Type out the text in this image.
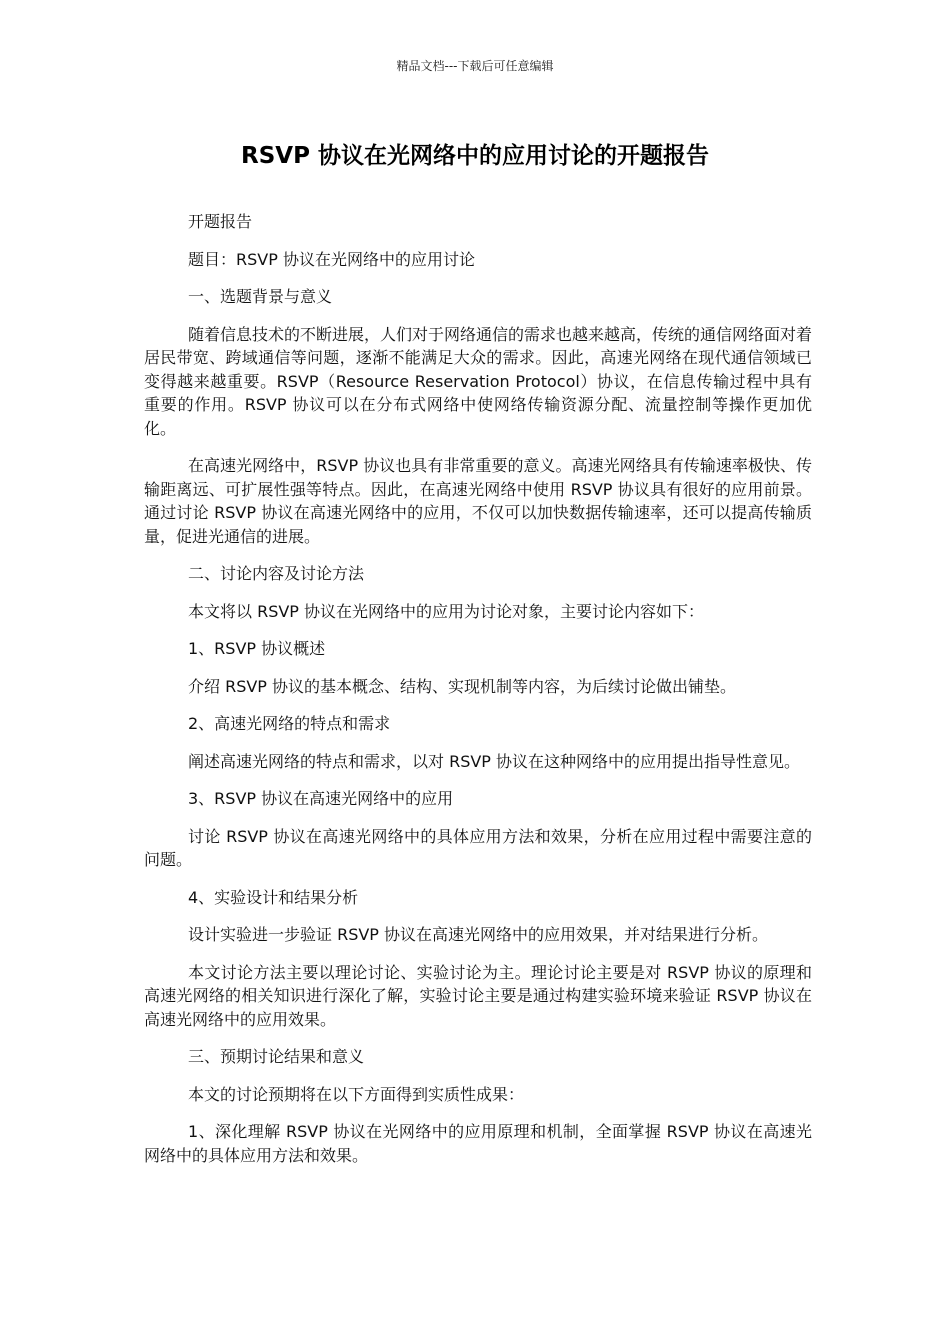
精品文档---下载后可任意编辑
RSVP 协议在光网络中的应用讨论的开题报告

开题报告

题目：RSVP 协议在光网络中的应用讨论

一、选题背景与意义

随着信息技术的不断进展，人们对于网络通信的需求也越来越高，传统的通信网络面对着居民带宽、跨域通信等问题，逐渐不能满足大众的需求。因此，高速光网络在现代通信领域已变得越来越重要。RSVP（Resource Reservation Protocol）协议，在信息传输过程中具有重要的作用。RSVP 协议可以在分布式网络中使网络传输资源分配、流量控制等操作更加优化。

在高速光网络中，RSVP 协议也具有非常重要的意义。高速光网络具有传输速率极快、传输距离远、可扩展性强等特点。因此，在高速光网络中使用 RSVP 协议具有很好的应用前景。通过讨论 RSVP 协议在高速光网络中的应用，不仅可以加快数据传输速率，还可以提高传输质量，促进光通信的进展。

二、讨论内容及讨论方法

本文将以 RSVP 协议在光网络中的应用为讨论对象，主要讨论内容如下：

1、RSVP 协议概述

介绍 RSVP 协议的基本概念、结构、实现机制等内容，为后续讨论做出铺垫。

2、高速光网络的特点和需求

阐述高速光网络的特点和需求，以对 RSVP 协议在这种网络中的应用提出指导性意见。

3、RSVP 协议在高速光网络中的应用

讨论 RSVP 协议在高速光网络中的具体应用方法和效果，分析在应用过程中需要注意的问题。

4、实验设计和结果分析

设计实验进一步验证 RSVP 协议在高速光网络中的应用效果，并对结果进行分析。

本文讨论方法主要以理论讨论、实验讨论为主。理论讨论主要是对 RSVP 协议的原理和高速光网络的相关知识进行深化了解，实验讨论主要是通过构建实验环境来验证 RSVP 协议在高速光网络中的应用效果。

三、预期讨论结果和意义

本文的讨论预期将在以下方面得到实质性成果：

1、深化理解 RSVP 协议在光网络中的应用原理和机制，全面掌握 RSVP 协议在高速光网络中的具体应用方法和效果。
